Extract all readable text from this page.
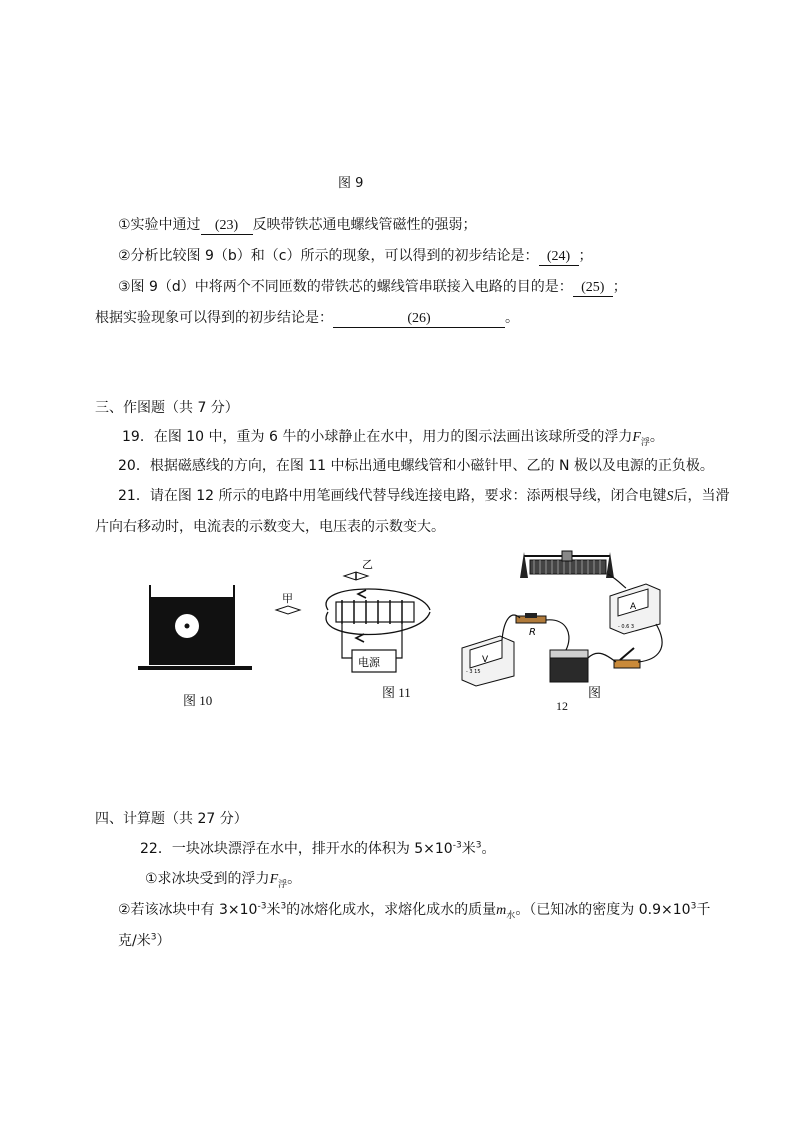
图 9
①实验中通过 (23) 反映带铁芯通电螺线管磁性的强弱；
②分析比较图 9（b）和（c）所示的现象，可以得到的初步结论是： (24) ；
③图 9（d）中将两个不同匝数的带铁芯的螺线管串联接入电路的目的是： (25) ；
根据实验现象可以得到的初步结论是：	(26)	。
三、作图题（共 7 分）
19．在图 10 中，重为 6 牛的小球静止在水中，用力的图示法画出该球所受的浮力$F_浮$。
20．根据磁感线的方向，在图 11 中标出通电螺线管和小磁针甲、乙的 N 极以及电源的正负极。
21．请在图 12 所示的电路中用笔画线代替导线连接电路，要求：添两根导线，闭合电键S后，当滑
片向右移动时，电流表的示数变大，电压表的示数变大。
图 10
乙
甲
电源
图 11
A
- 0.6 3
V
- 3 15
R
图
12
四、计算题（共 27 分）
22．一块冰块漂浮在水中，排开水的体积为 $5\times 10^{-3}$米$^3$。
①求冰块受到的浮力$F_浮$。
②若该冰块中有 $3\times 10^{-3}$米$^3$的冰熔化成水，求熔化成水的质量$m_水$。（已知冰的密度为 $0.9\times 10^3$千
克/米$^3$）
